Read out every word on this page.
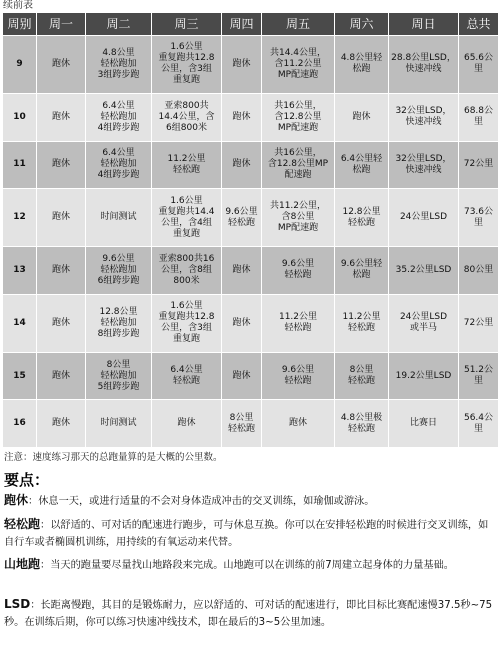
续前表
周别	周一	周二	周三	周四	周五	周六	周日	总共
9	跑休	4.8公里
轻松跑加
3组跨步跑	1.6公里
重复跑共12.8
公里，含3组
重复跑	跑休	共14.4公里，
含11.2公里
MP配速跑	4.8公里轻
松跑	28.8公里LSD，
快速冲线	65.6公里
10	跑休	6.4公里
轻松跑加
4组跨步跑	亚索800共
14.4公里，含
6组800米	跑休	共16公里，
含12.8公里
MP配速跑	跑休	32公里LSD，
快速冲线	68.8公里
11	跑休	6.4公里
轻松跑加
4组跨步跑	11.2公里
轻松跑	跑休	共16公里，
含12.8公里MP
配速跑	6.4公里轻
松跑	32公里LSD，
快速冲线	72公里
12	跑休	时间测试	1.6公里
重复跑共14.4
公里，含4组
重复跑	9.6公里
轻松跑	共11.2公里，
含8公里
MP配速跑	12.8公里
轻松跑	24公里LSD	73.6公里
13	跑休	9.6公里
轻松跑加
6组跨步跑	亚索800共16
公里，含8组
800米	跑休	9.6公里
轻松跑	9.6公里轻
松跑	35.2公里LSD	80公里
14	跑休	12.8公里
轻松跑加
8组跨步跑	1.6公里
重复跑共12.8
公里，含3组
重复跑	跑休	11.2公里
轻松跑	11.2公里
轻松跑	24公里LSD
或半马	72公里
15	跑休	8公里
轻松跑加
5组跨步跑	6.4公里
轻松跑	跑休	9.6公里
轻松跑	8公里
轻松跑	19.2公里LSD	51.2公里
16	跑休	时间测试	跑休	8公里
轻松跑	跑休	4.8公里极
轻松跑	比赛日	56.4公里
注意：速度练习那天的总跑量算的是大概的公里数。
要点：
跑休：休息一天，或进行适量的不会对身体造成冲击的交叉训练，如瑜伽或游泳。
轻松跑：以舒适的、可对话的配速进行跑步，可与休息互换。你可以在安排轻松跑的时候进行交叉训练，如自行车或者椭圆机训练，用持续的有氧运动来代替。
山地跑：当天的跑量要尽量找山地路段来完成。山地跑可以在训练的前7周建立起身体的力量基础。
LSD：长距离慢跑，其目的是锻炼耐力，应以舒适的、可对话的配速进行，即比目标比赛配速慢37.5秒~75秒。在训练后期，你可以练习快速冲线技术，即在最后的3~5公里加速。
